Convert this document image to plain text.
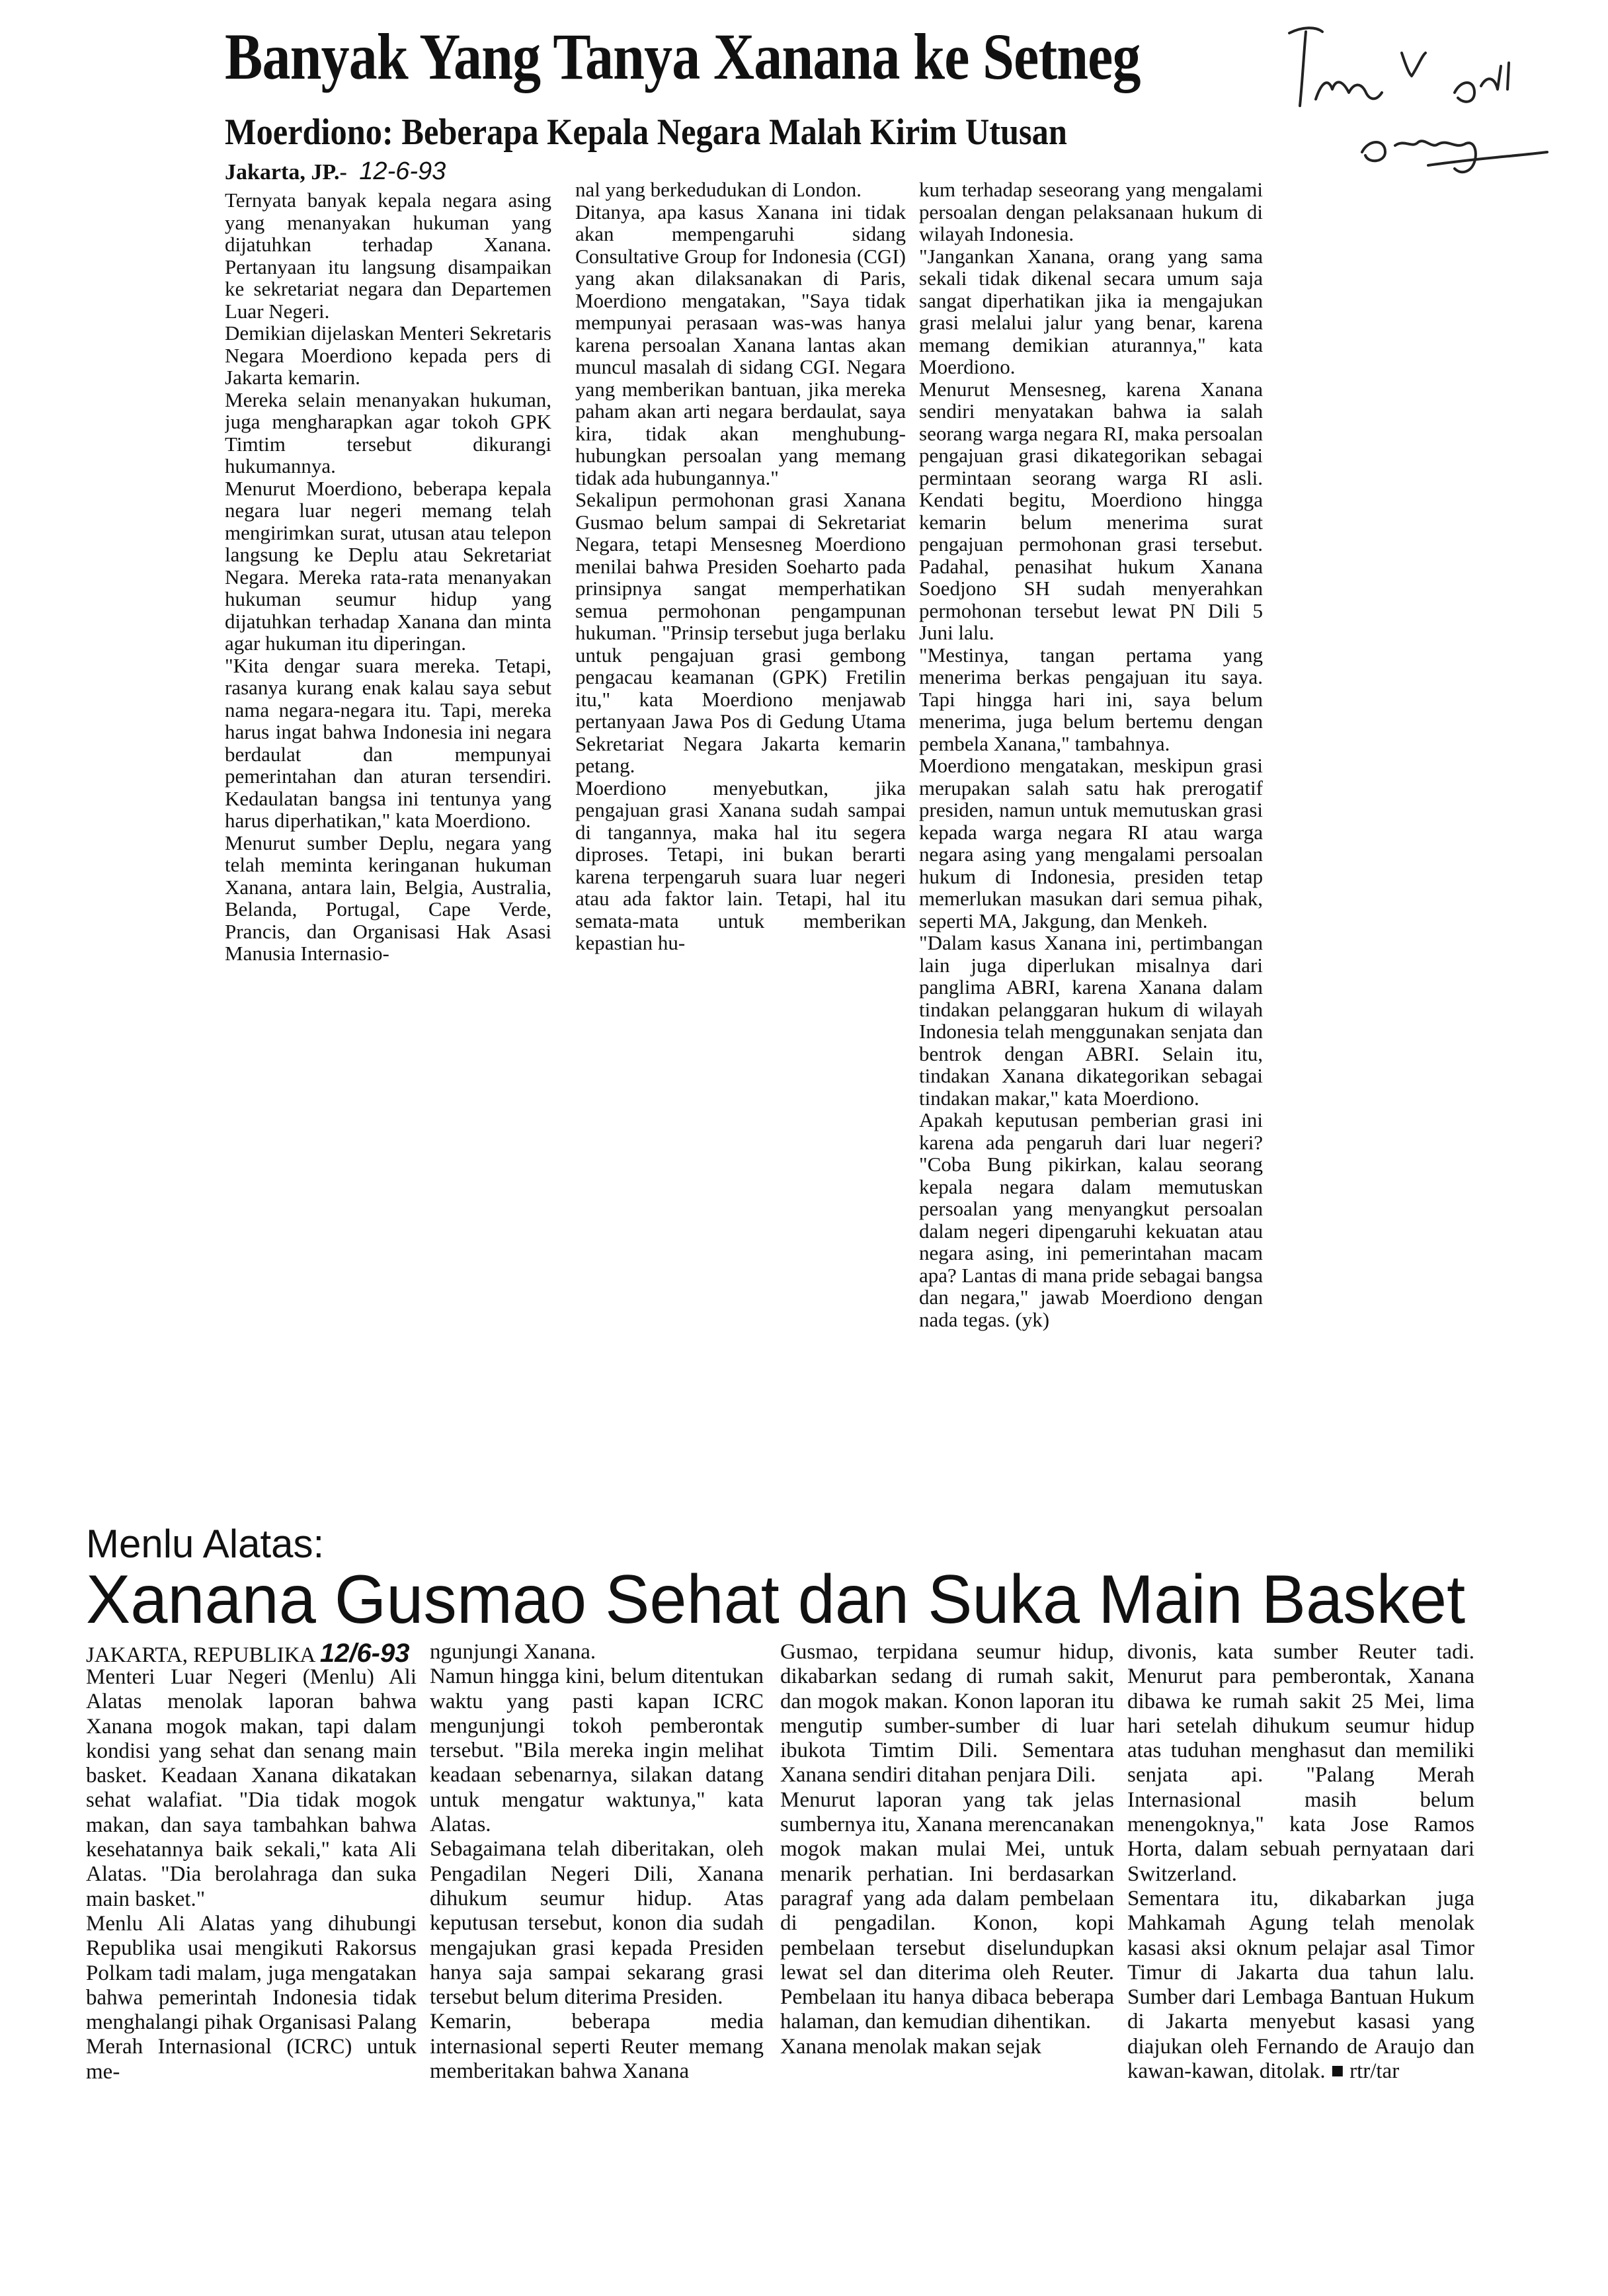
Banyak Yang Tanya Xanana ke Setneg
Moerdiono: Beberapa Kepala Negara Malah Kirim Utusan
Jakarta, JP.- 12-6-93
Ternyata banyak kepala negara asing yang menanyakan hukuman yang dijatuhkan terhadap Xanana. Pertanyaan itu langsung disampaikan ke sekretariat negara dan Departemen Luar Negeri.
Demikian dijelaskan Menteri Sekretaris Negara Moerdiono kepada pers di Jakarta kemarin.
Mereka selain menanyakan hukuman, juga mengharapkan agar tokoh GPK Timtim tersebut dikurangi hukumannya.
Menurut Moerdiono, beberapa kepala negara luar negeri memang telah mengirimkan surat, utusan atau telepon langsung ke Deplu atau Sekretariat Negara. Mereka rata-rata menanyakan hukuman seumur hidup yang dijatuhkan terhadap Xanana dan minta agar hukuman itu diperingan.
"Kita dengar suara mereka. Tetapi, rasanya kurang enak kalau saya sebut nama negara-negara itu. Tapi, mereka harus ingat bahwa Indonesia ini negara berdaulat dan mempunyai pemerintahan dan aturan tersendiri. Kedaulatan bangsa ini tentunya yang harus diperhatikan," kata Moerdiono.
Menurut sumber Deplu, negara yang telah meminta keringanan hukuman Xanana, antara lain, Belgia, Australia, Belanda, Portugal, Cape Verde, Prancis, dan Organisasi Hak Asasi Manusia Internasio-
nal yang berkedudukan di London.
Ditanya, apa kasus Xanana ini tidak akan mempengaruhi sidang Consultative Group for Indonesia (CGI) yang akan dilaksanakan di Paris, Moerdiono mengatakan, "Saya tidak mempunyai perasaan was-was hanya karena persoalan Xanana lantas akan muncul masalah di sidang CGI. Negara yang memberikan bantuan, jika mereka paham akan arti negara berdaulat, saya kira, tidak akan menghubung-hubungkan persoalan yang memang tidak ada hubungannya."
Sekalipun permohonan grasi Xanana Gusmao belum sampai di Sekretariat Negara, tetapi Mensesneg Moerdiono menilai bahwa Presiden Soeharto pada prinsipnya sangat memperhatikan semua permohonan pengampunan hukuman. "Prinsip tersebut juga berlaku untuk pengajuan grasi gembong pengacau keamanan (GPK) Fretilin itu," kata Moerdiono menjawab pertanyaan Jawa Pos di Gedung Utama Sekretariat Negara Jakarta kemarin petang.
Moerdiono menyebutkan, jika pengajuan grasi Xanana sudah sampai di tangannya, maka hal itu segera diproses. Tetapi, ini bukan berarti karena terpengaruh suara luar negeri atau ada faktor lain. Tetapi, hal itu semata-mata untuk memberikan kepastian hu-
kum terhadap seseorang yang mengalami persoalan dengan pelaksanaan hukum di wilayah Indonesia.
"Jangankan Xanana, orang yang sama sekali tidak dikenal secara umum saja sangat diperhatikan jika ia mengajukan grasi melalui jalur yang benar, karena memang demikian aturannya," kata Moerdiono.
Menurut Mensesneg, karena Xanana sendiri menyatakan bahwa ia salah seorang warga negara RI, maka persoalan pengajuan grasi dikategorikan sebagai permintaan seorang warga RI asli. Kendati begitu, Moerdiono hingga kemarin belum menerima surat pengajuan permohonan grasi tersebut. Padahal, penasihat hukum Xanana Soedjono SH sudah menyerahkan permohonan tersebut lewat PN Dili 5 Juni lalu.
"Mestinya, tangan pertama yang menerima berkas pengajuan itu saya. Tapi hingga hari ini, saya belum menerima, juga belum bertemu dengan pembela Xanana," tambahnya.
Moerdiono mengatakan, meskipun grasi merupakan salah satu hak prerogatif presiden, namun untuk memutuskan grasi kepada warga negara RI atau warga negara asing yang mengalami persoalan hukum di Indonesia, presiden tetap memerlukan masukan dari semua pihak, seperti MA, Jakgung, dan Menkeh.
"Dalam kasus Xanana ini, pertimbangan lain juga diperlukan misalnya dari panglima ABRI, karena Xanana dalam tindakan pelanggaran hukum di wilayah Indonesia telah menggunakan senjata dan bentrok dengan ABRI. Selain itu, tindakan Xanana dikategorikan sebagai tindakan makar," kata Moerdiono.
Apakah keputusan pemberian grasi ini karena ada pengaruh dari luar negeri? "Coba Bung pikirkan, kalau seorang kepala negara dalam memutuskan persoalan yang menyangkut persoalan dalam negeri dipengaruhi kekuatan atau negara asing, ini pemerintahan macam apa? Lantas di mana pride sebagai bangsa dan negara," jawab Moerdiono dengan nada tegas. (yk)
Menlu Alatas:
Xanana Gusmao Sehat dan Suka Main Basket
JAKARTA, REPUBLIKA 12/6-93
Menteri Luar Negeri (Menlu) Ali Alatas menolak laporan bahwa Xanana mogok makan, tapi dalam kondisi yang sehat dan senang main basket. Keadaan Xanana dikatakan sehat walafiat. "Dia tidak mogok makan, dan saya tambahkan bahwa kesehatannya baik sekali," kata Ali Alatas. "Dia berolahraga dan suka main basket."
Menlu Ali Alatas yang dihubungi Republika usai mengikuti Rakorsus Polkam tadi malam, juga mengatakan bahwa pemerintah Indonesia tidak menghalangi pihak Organisasi Palang Merah Internasional (ICRC) untuk me-
ngunjungi Xanana.
Namun hingga kini, belum ditentukan waktu yang pasti kapan ICRC mengunjungi tokoh pemberontak tersebut. "Bila mereka ingin melihat keadaan sebenarnya, silakan datang untuk mengatur waktunya," kata Alatas.
Sebagaimana telah diberitakan, oleh Pengadilan Negeri Dili, Xanana dihukum seumur hidup. Atas keputusan tersebut, konon dia sudah mengajukan grasi kepada Presiden hanya saja sampai sekarang grasi tersebut belum diterima Presiden.
Kemarin, beberapa media internasional seperti Reuter memang memberitakan bahwa Xanana
Gusmao, terpidana seumur hidup, dikabarkan sedang di rumah sakit, dan mogok makan. Konon laporan itu mengutip sumber-sumber di luar ibukota Timtim Dili. Sementara Xanana sendiri ditahan penjara Dili.
Menurut laporan yang tak jelas sumbernya itu, Xanana merencanakan mogok makan mulai Mei, untuk menarik perhatian. Ini berdasarkan paragraf yang ada dalam pembelaan di pengadilan. Konon, kopi pembelaan tersebut diselundupkan lewat sel dan diterima oleh Reuter. Pembelaan itu hanya dibaca beberapa halaman, dan kemudian dihentikan.
Xanana menolak makan sejak
divonis, kata sumber Reuter tadi. Menurut para pemberontak, Xanana dibawa ke rumah sakit 25 Mei, lima hari setelah dihukum seumur hidup atas tuduhan menghasut dan memiliki senjata api. "Palang Merah Internasional masih belum menengoknya," kata Jose Ramos Horta, dalam sebuah pernyataan dari Switzerland.
Sementara itu, dikabarkan juga Mahkamah Agung telah menolak kasasi aksi oknum pelajar asal Timor Timur di Jakarta dua tahun lalu. Sumber dari Lembaga Bantuan Hukum di Jakarta menyebut kasasi yang diajukan oleh Fernando de Araujo dan kawan-kawan, ditolak. ■ rtr/tar
